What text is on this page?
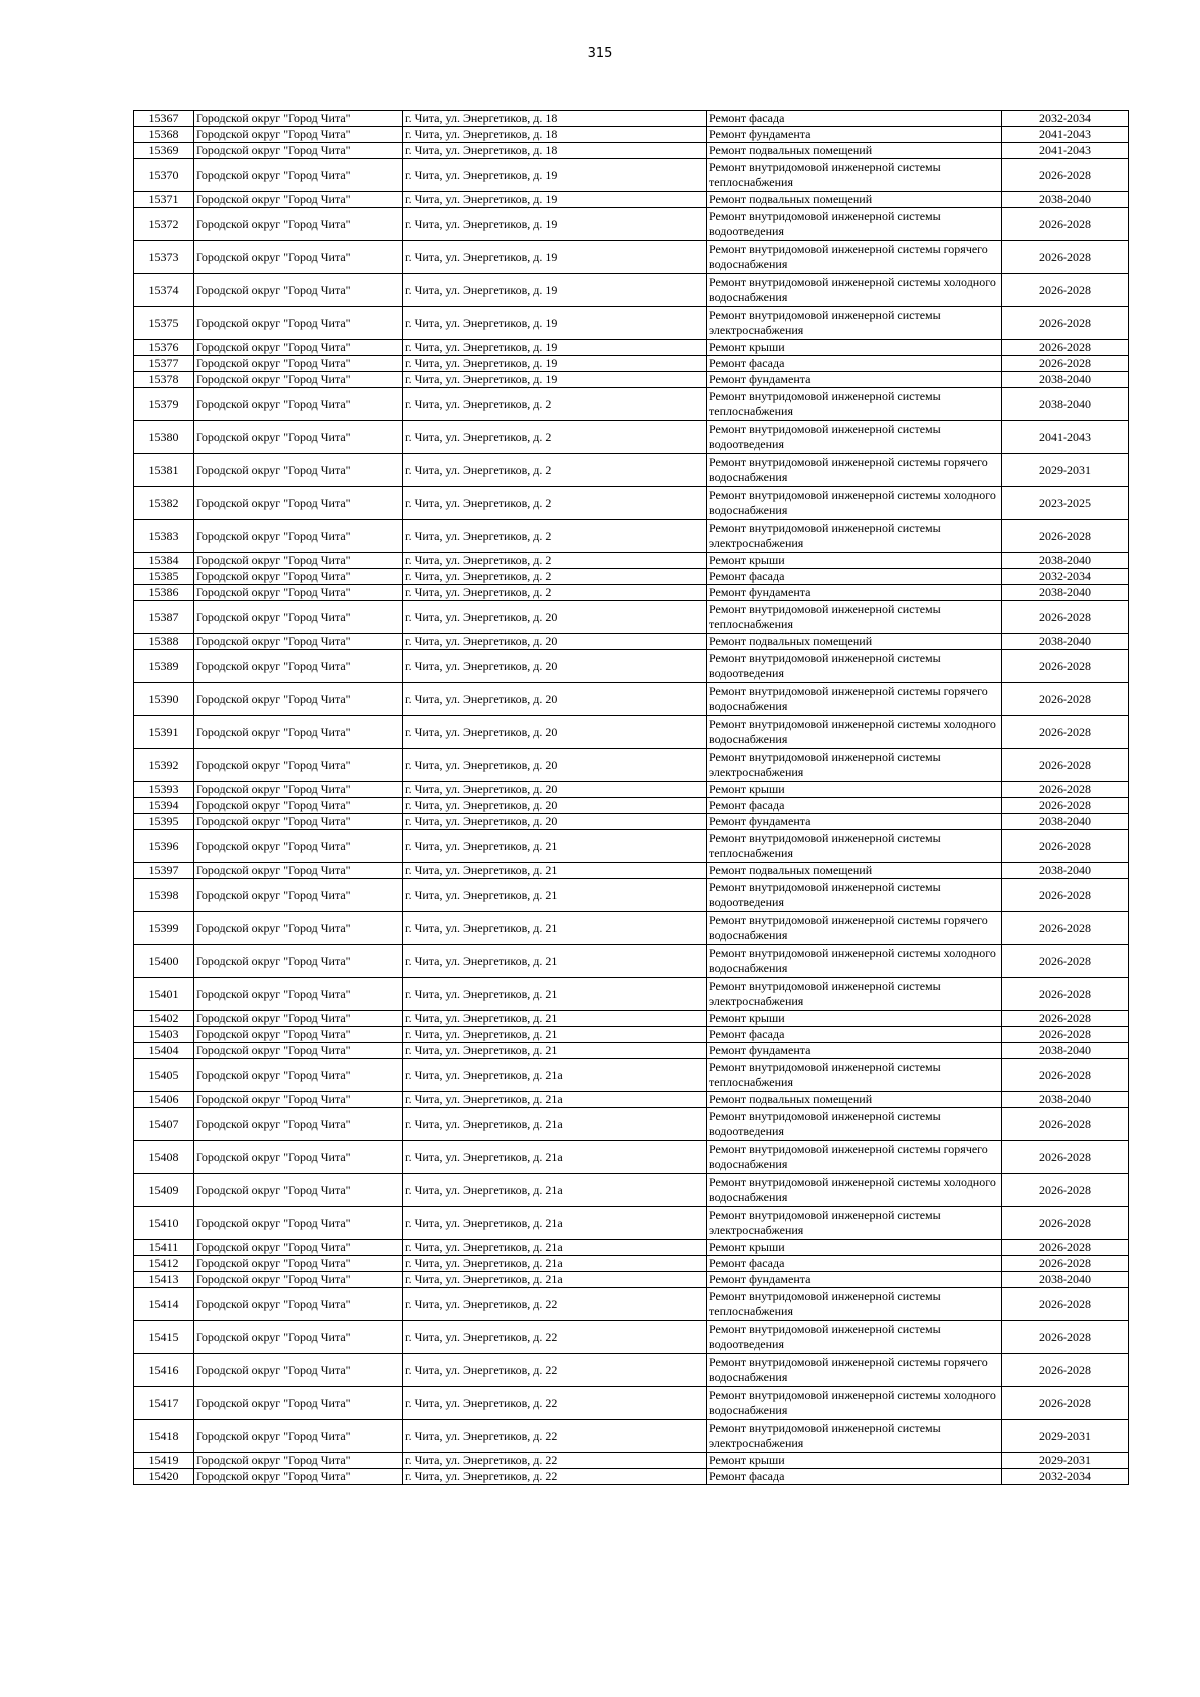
315
15367	Городской округ "Город Чита"	г. Чита, ул. Энергетиков, д. 18	Ремонт фасада	2032-2034
15368	Городской округ "Город Чита"	г. Чита, ул. Энергетиков, д. 18	Ремонт фундамента	2041-2043
15369	Городской округ "Город Чита"	г. Чита, ул. Энергетиков, д. 18	Ремонт подвальных помещений	2041-2043
15370	Городской округ "Город Чита"	г. Чита, ул. Энергетиков, д. 19	Ремонт внутридомовой инженерной системы теплоснабжения	2026-2028
15371	Городской округ "Город Чита"	г. Чита, ул. Энергетиков, д. 19	Ремонт подвальных помещений	2038-2040
15372	Городской округ "Город Чита"	г. Чита, ул. Энергетиков, д. 19	Ремонт внутридомовой инженерной системы водоотведения	2026-2028
15373	Городской округ "Город Чита"	г. Чита, ул. Энергетиков, д. 19	Ремонт внутридомовой инженерной системы горячего водоснабжения	2026-2028
15374	Городской округ "Город Чита"	г. Чита, ул. Энергетиков, д. 19	Ремонт внутридомовой инженерной системы холодного водоснабжения	2026-2028
15375	Городской округ "Город Чита"	г. Чита, ул. Энергетиков, д. 19	Ремонт внутридомовой инженерной системы электроснабжения	2026-2028
15376	Городской округ "Город Чита"	г. Чита, ул. Энергетиков, д. 19	Ремонт крыши	2026-2028
15377	Городской округ "Город Чита"	г. Чита, ул. Энергетиков, д. 19	Ремонт фасада	2026-2028
15378	Городской округ "Город Чита"	г. Чита, ул. Энергетиков, д. 19	Ремонт фундамента	2038-2040
15379	Городской округ "Город Чита"	г. Чита, ул. Энергетиков, д. 2	Ремонт внутридомовой инженерной системы теплоснабжения	2038-2040
15380	Городской округ "Город Чита"	г. Чита, ул. Энергетиков, д. 2	Ремонт внутридомовой инженерной системы водоотведения	2041-2043
15381	Городской округ "Город Чита"	г. Чита, ул. Энергетиков, д. 2	Ремонт внутридомовой инженерной системы горячего водоснабжения	2029-2031
15382	Городской округ "Город Чита"	г. Чита, ул. Энергетиков, д. 2	Ремонт внутридомовой инженерной системы холодного водоснабжения	2023-2025
15383	Городской округ "Город Чита"	г. Чита, ул. Энергетиков, д. 2	Ремонт внутридомовой инженерной системы электроснабжения	2026-2028
15384	Городской округ "Город Чита"	г. Чита, ул. Энергетиков, д. 2	Ремонт крыши	2038-2040
15385	Городской округ "Город Чита"	г. Чита, ул. Энергетиков, д. 2	Ремонт фасада	2032-2034
15386	Городской округ "Город Чита"	г. Чита, ул. Энергетиков, д. 2	Ремонт фундамента	2038-2040
15387	Городской округ "Город Чита"	г. Чита, ул. Энергетиков, д. 20	Ремонт внутридомовой инженерной системы теплоснабжения	2026-2028
15388	Городской округ "Город Чита"	г. Чита, ул. Энергетиков, д. 20	Ремонт подвальных помещений	2038-2040
15389	Городской округ "Город Чита"	г. Чита, ул. Энергетиков, д. 20	Ремонт внутридомовой инженерной системы водоотведения	2026-2028
15390	Городской округ "Город Чита"	г. Чита, ул. Энергетиков, д. 20	Ремонт внутридомовой инженерной системы горячего водоснабжения	2026-2028
15391	Городской округ "Город Чита"	г. Чита, ул. Энергетиков, д. 20	Ремонт внутридомовой инженерной системы холодного водоснабжения	2026-2028
15392	Городской округ "Город Чита"	г. Чита, ул. Энергетиков, д. 20	Ремонт внутридомовой инженерной системы электроснабжения	2026-2028
15393	Городской округ "Город Чита"	г. Чита, ул. Энергетиков, д. 20	Ремонт крыши	2026-2028
15394	Городской округ "Город Чита"	г. Чита, ул. Энергетиков, д. 20	Ремонт фасада	2026-2028
15395	Городской округ "Город Чита"	г. Чита, ул. Энергетиков, д. 20	Ремонт фундамента	2038-2040
15396	Городской округ "Город Чита"	г. Чита, ул. Энергетиков, д. 21	Ремонт внутридомовой инженерной системы теплоснабжения	2026-2028
15397	Городской округ "Город Чита"	г. Чита, ул. Энергетиков, д. 21	Ремонт подвальных помещений	2038-2040
15398	Городской округ "Город Чита"	г. Чита, ул. Энергетиков, д. 21	Ремонт внутридомовой инженерной системы водоотведения	2026-2028
15399	Городской округ "Город Чита"	г. Чита, ул. Энергетиков, д. 21	Ремонт внутридомовой инженерной системы горячего водоснабжения	2026-2028
15400	Городской округ "Город Чита"	г. Чита, ул. Энергетиков, д. 21	Ремонт внутридомовой инженерной системы холодного водоснабжения	2026-2028
15401	Городской округ "Город Чита"	г. Чита, ул. Энергетиков, д. 21	Ремонт внутридомовой инженерной системы электроснабжения	2026-2028
15402	Городской округ "Город Чита"	г. Чита, ул. Энергетиков, д. 21	Ремонт крыши	2026-2028
15403	Городской округ "Город Чита"	г. Чита, ул. Энергетиков, д. 21	Ремонт фасада	2026-2028
15404	Городской округ "Город Чита"	г. Чита, ул. Энергетиков, д. 21	Ремонт фундамента	2038-2040
15405	Городской округ "Город Чита"	г. Чита, ул. Энергетиков, д. 21а	Ремонт внутридомовой инженерной системы теплоснабжения	2026-2028
15406	Городской округ "Город Чита"	г. Чита, ул. Энергетиков, д. 21а	Ремонт подвальных помещений	2038-2040
15407	Городской округ "Город Чита"	г. Чита, ул. Энергетиков, д. 21а	Ремонт внутридомовой инженерной системы водоотведения	2026-2028
15408	Городской округ "Город Чита"	г. Чита, ул. Энергетиков, д. 21а	Ремонт внутридомовой инженерной системы горячего водоснабжения	2026-2028
15409	Городской округ "Город Чита"	г. Чита, ул. Энергетиков, д. 21а	Ремонт внутридомовой инженерной системы холодного водоснабжения	2026-2028
15410	Городской округ "Город Чита"	г. Чита, ул. Энергетиков, д. 21а	Ремонт внутридомовой инженерной системы электроснабжения	2026-2028
15411	Городской округ "Город Чита"	г. Чита, ул. Энергетиков, д. 21а	Ремонт крыши	2026-2028
15412	Городской округ "Город Чита"	г. Чита, ул. Энергетиков, д. 21а	Ремонт фасада	2026-2028
15413	Городской округ "Город Чита"	г. Чита, ул. Энергетиков, д. 21а	Ремонт фундамента	2038-2040
15414	Городской округ "Город Чита"	г. Чита, ул. Энергетиков, д. 22	Ремонт внутридомовой инженерной системы теплоснабжения	2026-2028
15415	Городской округ "Город Чита"	г. Чита, ул. Энергетиков, д. 22	Ремонт внутридомовой инженерной системы водоотведения	2026-2028
15416	Городской округ "Город Чита"	г. Чита, ул. Энергетиков, д. 22	Ремонт внутридомовой инженерной системы горячего водоснабжения	2026-2028
15417	Городской округ "Город Чита"	г. Чита, ул. Энергетиков, д. 22	Ремонт внутридомовой инженерной системы холодного водоснабжения	2026-2028
15418	Городской округ "Город Чита"	г. Чита, ул. Энергетиков, д. 22	Ремонт внутридомовой инженерной системы электроснабжения	2029-2031
15419	Городской округ "Город Чита"	г. Чита, ул. Энергетиков, д. 22	Ремонт крыши	2029-2031
15420	Городской округ "Город Чита"	г. Чита, ул. Энергетиков, д. 22	Ремонт фасада	2032-2034
